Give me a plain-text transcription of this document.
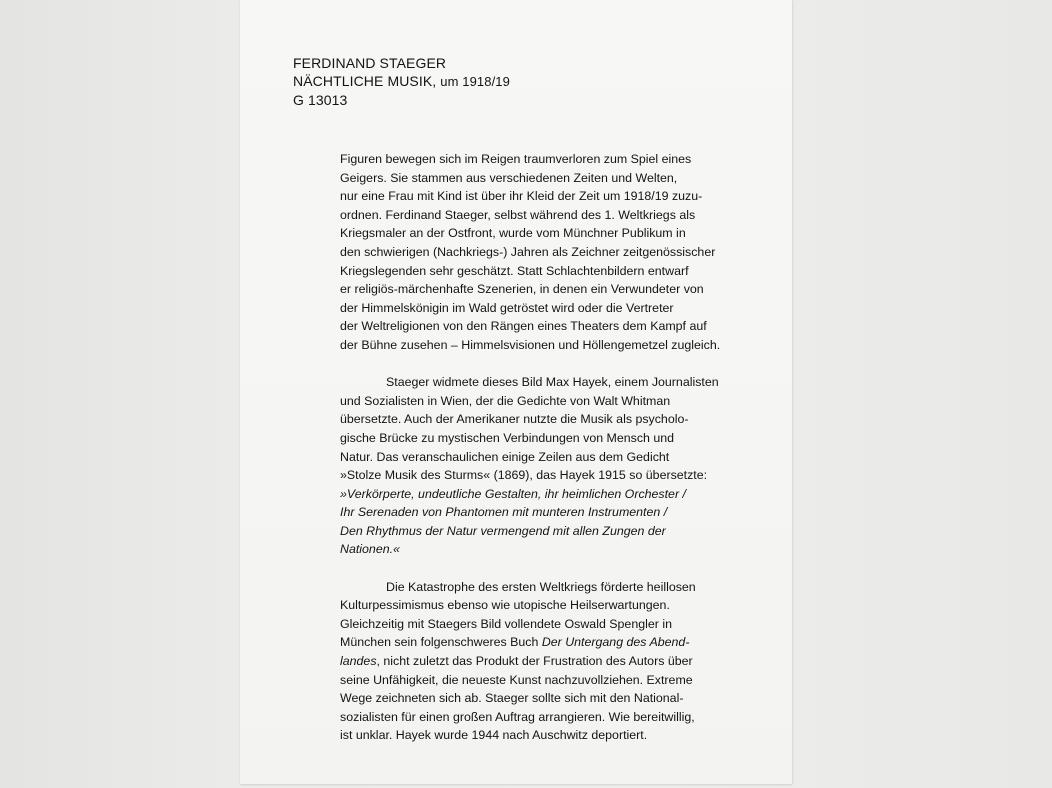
FERDINAND STAEGER
NÄCHTLICHE MUSIK, um 1918/19
G 13013
Figuren bewegen sich im Reigen traumverloren zum Spiel eines
Geigers. Sie stammen aus verschiedenen Zeiten und Welten,
nur eine Frau mit Kind ist über ihr Kleid der Zeit um 1918/19 zuzu-
ordnen. Ferdinand Staeger, selbst während des 1. Weltkriegs als
Kriegsmaler an der Ostfront, wurde vom Münchner Publikum in
den schwierigen (Nachkriegs-) Jahren als Zeichner zeitgenössischer
Kriegslegenden sehr geschätzt. Statt Schlachtenbildern entwarf
er religiös-märchenhafte Szenerien, in denen ein Verwundeter von
der Himmelskönigin im Wald getröstet wird oder die Vertreter
der Weltreligionen von den Rängen eines Theaters dem Kampf auf
der Bühne zusehen – Himmelsvisionen und Höllengemetzel zugleich.
Staeger widmete dieses Bild Max Hayek, einem Journalisten
und Sozialisten in Wien, der die Gedichte von Walt Whitman
übersetzte. Auch der Amerikaner nutzte die Musik als psycholo-
gische Brücke zu mystischen Verbindungen von Mensch und
Natur. Das veranschaulichen einige Zeilen aus dem Gedicht
»Stolze Musik des Sturms« (1869), das Hayek 1915 so übersetzte:
»Verkörperte, undeutliche Gestalten, ihr heimlichen Orchester /
Ihr Serenaden von Phantomen mit munteren Instrumenten /
Den Rhythmus der Natur vermengend mit allen Zungen der
Nationen.«
Die Katastrophe des ersten Weltkriegs förderte heillosen
Kulturpessimismus ebenso wie utopische Heilserwartungen.
Gleichzeitig mit Staegers Bild vollendete Oswald Spengler in
München sein folgenschweres Buch Der Untergang des Abend-
landes, nicht zuletzt das Produkt der Frustration des Autors über
seine Unfähigkeit, die neueste Kunst nachzuvollziehen. Extreme
Wege zeichneten sich ab. Staeger sollte sich mit den National-
sozialisten für einen großen Auftrag arrangieren. Wie bereitwillig,
ist unklar. Hayek wurde 1944 nach Auschwitz deportiert.
